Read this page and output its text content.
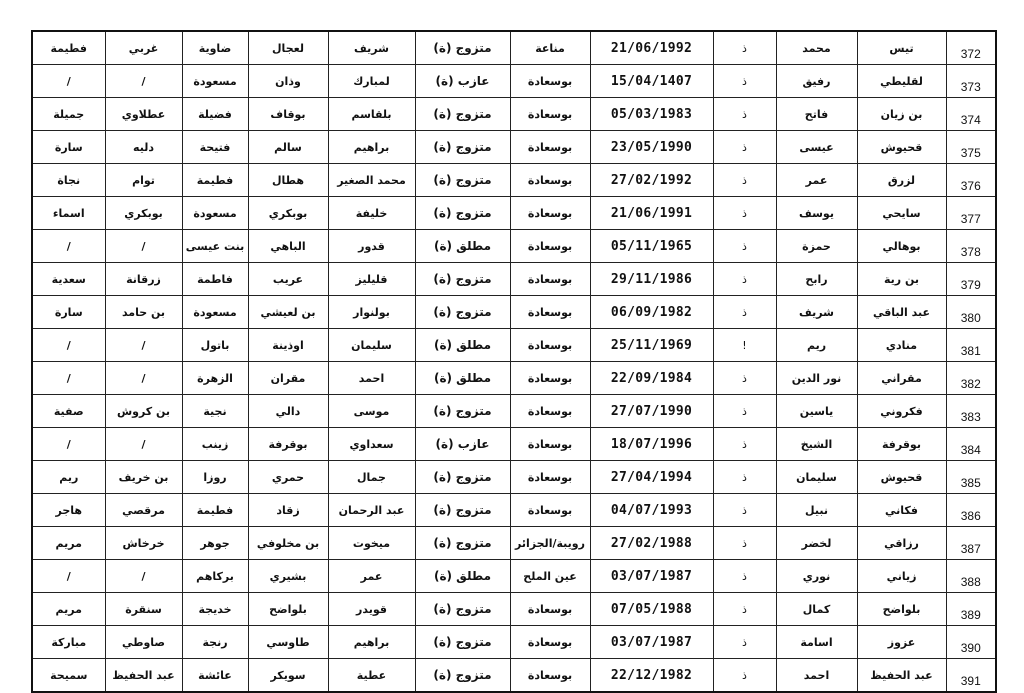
فطيمة	غربي	ضاوية	لعجال	شريف	متزوج (ة)	مناعة	21/06/1992	ذ	محمد	تيس	372
/	/	مسعودة	وذان	لمبارك	عازب (ة)	بوسعادة	15/04/1407	ذ	رفيق	لقليطي	373
جميلة	عطلاوي	فضيلة	بوقاف	بلقاسم	متزوج (ة)	بوسعادة	05/03/1983	ذ	فاتح	بن زيان	374
سارة	دليه	فتيحة	سالم	براهيم	متزوج (ة)	بوسعادة	23/05/1990	ذ	عيسى	قحيوش	375
نجاة	توام	فطيمة	هطال	محمد الصغير	متزوج (ة)	بوسعادة	27/02/1992	ذ	عمر	لزرق	376
اسماء	بوبكري	مسعودة	بوبكري	خليفة	متزوج (ة)	بوسعادة	21/06/1991	ذ	يوسف	سايحي	377
/	/	بنت عيسى	الباهي	قدور	مطلق (ة)	بوسعادة	05/11/1965	ذ	حمزة	بوهالي	378
سعدية	زرقانة	فاطمة	عريب	قليليز	متزوج (ة)	بوسعادة	29/11/1986	ذ	رابح	بن رية	379
سارة	بن حامد	مسعودة	بن لعيشي	بولنوار	متزوج (ة)	بوسعادة	06/09/1982	ذ	شريف	عبد الباقي	380
/	/	باتول	اوذينة	سليمان	مطلق (ة)	بوسعادة	25/11/1969	!	ريم	منادي	381
/	/	الزهرة	مقران	احمد	مطلق (ة)	بوسعادة	22/09/1984	ذ	نور الدين	مقراني	382
صفية	بن كروش	نجية	دالي	موسى	متزوج (ة)	بوسعادة	27/07/1990	ذ	ياسين	فكروني	383
/	/	زينب	بوقرفة	سعداوي	عازب (ة)	بوسعادة	18/07/1996	ذ	الشيخ	بوقرفة	384
ريم	بن خريف	روزا	حمري	جمال	متزوج (ة)	بوسعادة	27/04/1994	ذ	سليمان	قحيوش	385
هاجر	مرقصي	فطيمة	زقاد	عبد الرحمان	متزوج (ة)	بوسعادة	04/07/1993	ذ	نبيل	فكاني	386
مريم	خرخاش	جوهر	بن مخلوفي	ميخوت	متزوج (ة)	رويبة/الجزائر	27/02/1988	ذ	لخضر	رزاقي	387
/	/	بركاهم	بشيري	عمر	مطلق (ة)	عين الملح	03/07/1987	ذ	نوري	زياني	388
مريم	سنقرة	خديجة	بلواضح	قويدر	متزوج (ة)	بوسعادة	07/05/1988	ذ	كمال	بلواضح	389
مباركة	صاوطي	رنجة	طاوسي	براهيم	متزوج (ة)	بوسعادة	03/07/1987	ذ	اسامة	عزوز	390
سميحة	عبد الحفيظ	عائشة	سويكر	عطية	متزوج (ة)	بوسعادة	22/12/1982	ذ	احمد	عبد الحفيظ	391
